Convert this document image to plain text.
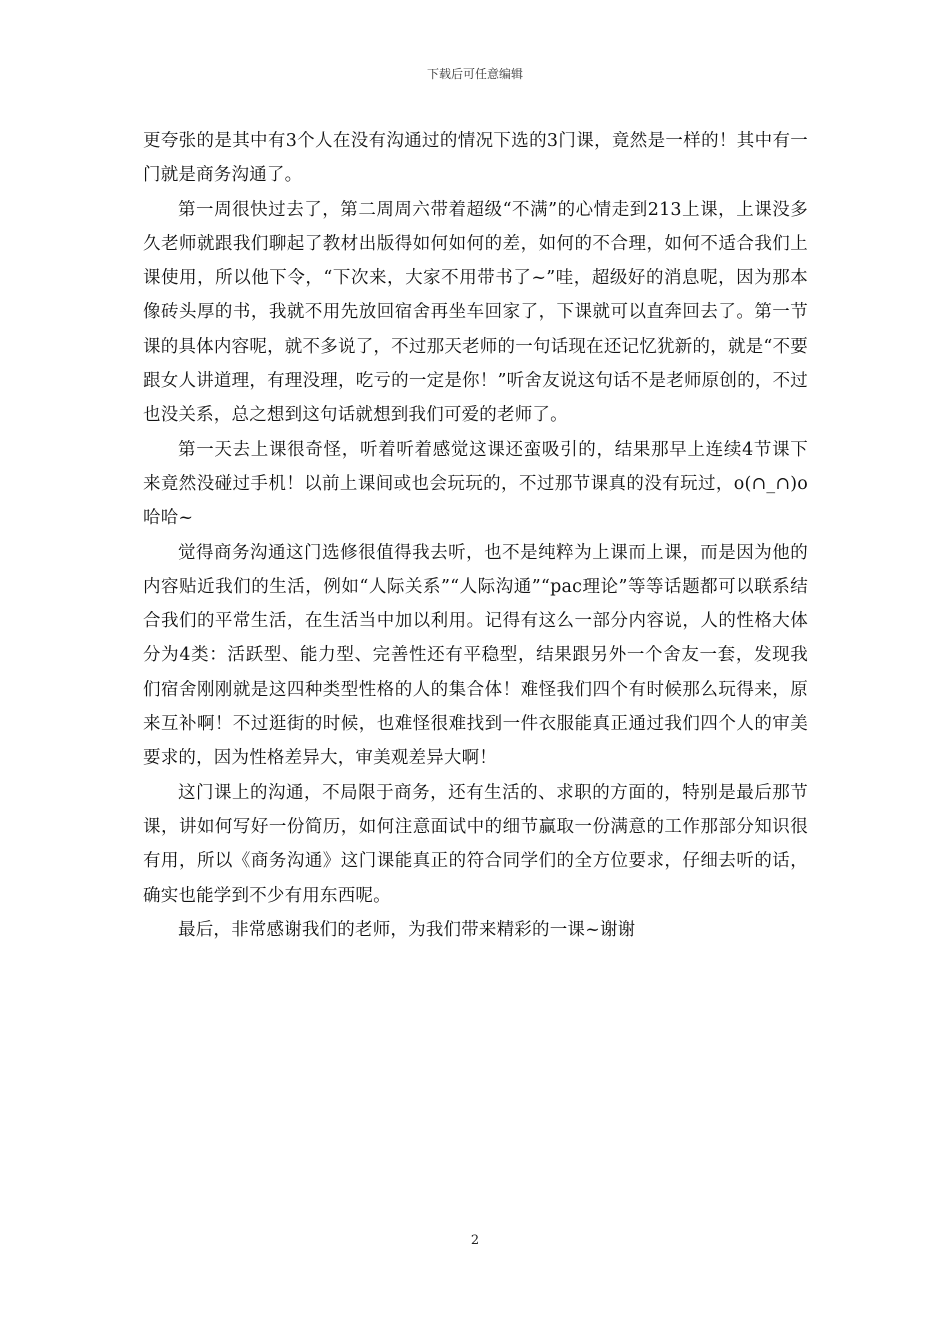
下载后可任意编辑

更夸张的是其中有3个人在没有沟通过的情况下选的3门课，竟然是一样的！其中有一门就是商务沟通了。

第一周很快过去了，第二周周六带着超级“不满”的心情走到213上课，上课没多久老师就跟我们聊起了教材出版得如何如何的差，如何的不合理，如何不适合我们上课使用，所以他下令，“下次来，大家不用带书了~”哇，超级好的消息呢，因为那本像砖头厚的书，我就不用先放回宿舍再坐车回家了，下课就可以直奔回去了。第一节课的具体内容呢，就不多说了，不过那天老师的一句话现在还记忆犹新的，就是“不要跟女人讲道理，有理没理，吃亏的一定是你！”听舍友说这句话不是老师原创的，不过也没关系，总之想到这句话就想到我们可爱的老师了。

第一天去上课很奇怪，听着听着感觉这课还蛮吸引的，结果那早上连续4节课下来竟然没碰过手机！以前上课间或也会玩玩的，不过那节课真的没有玩过，o(∩_∩)o哈哈~

觉得商务沟通这门选修很值得我去听，也不是纯粹为上课而上课，而是因为他的内容贴近我们的生活，例如“人际关系”“人际沟通”“pac理论”等等话题都可以联系结合我们的平常生活，在生活当中加以利用。记得有这么一部分内容说，人的性格大体分为4类：活跃型、能力型、完善性还有平稳型，结果跟另外一个舍友一套，发现我们宿舍刚刚就是这四种类型性格的人的集合体！难怪我们四个有时候那么玩得来，原来互补啊！不过逛街的时候，也难怪很难找到一件衣服能真正通过我们四个人的审美要求的，因为性格差异大，审美观差异大啊！

这门课上的沟通，不局限于商务，还有生活的、求职的方面的，特别是最后那节课，讲如何写好一份简历，如何注意面试中的细节赢取一份满意的工作那部分知识很有用，所以《商务沟通》这门课能真正的符合同学们的全方位要求，仔细去听的话，确实也能学到不少有用东西呢。

最后，非常感谢我们的老师，为我们带来精彩的一课~谢谢

2
